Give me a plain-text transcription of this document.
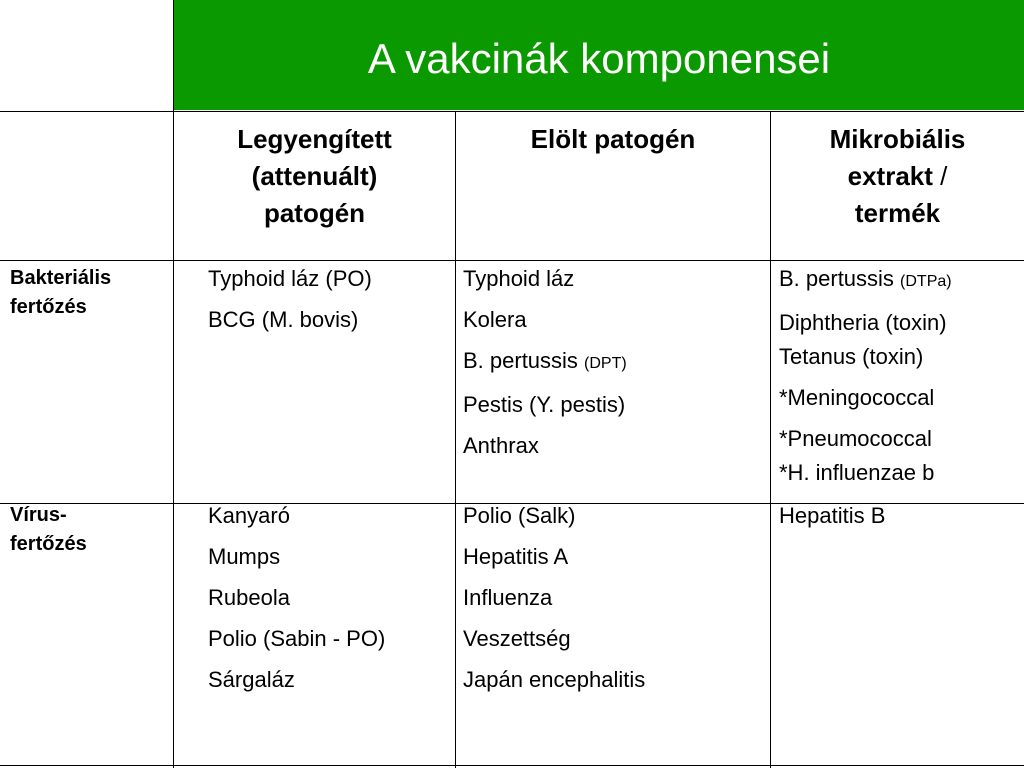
A vakcinák komponensei
Legyengített
(attenuált)
patogén
Elölt patogén	Mikrobiális
extrakt /
termék
Bakteriális
fertőzés
Vírus-
fertőzés
Typhoid láz (PO)
BCG (M. bovis)
Typhoid láz
Kolera
B. pertussis (DPT)
Pestis (Y. pestis)
Anthrax
B. pertussis (DTPa)
Diphtheria (toxin)
Tetanus (toxin)
*Meningococcal
*Pneumococcal
*H. influenzae b
Kanyaró
Mumps
Rubeola
Polio (Sabin - PO)
Sárgaláz
Polio (Salk)
Hepatitis A
Influenza
Veszettség
Japán encephalitis
Hepatitis B
